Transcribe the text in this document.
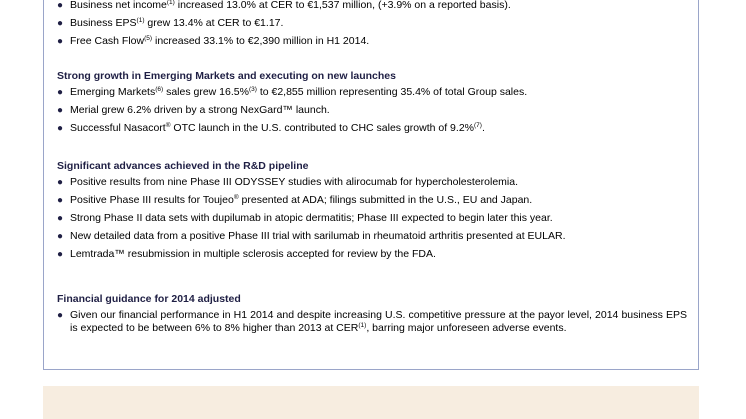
● Business net income$^{(1)}$ increased 13.0% at CER to €1,537 million, (+3.9% on a reported basis).
● Business EPS$^{(1)}$ grew 13.4% at CER to €1.17.
● Free Cash Flow$^{(5)}$ increased 33.1% to €2,390 million in H1 2014.

Strong growth in Emerging Markets and executing on new launches

● Emerging Markets$^{(6)}$ sales grew 16.5%$^{(3)}$ to €2,855 million representing 35.4% of total Group sales.
● Merial grew 6.2% driven by a strong NexGard™ launch.
● Successful Nasacort® OTC launch in the U.S. contributed to CHC sales growth of 9.2%$^{(7)}$.

Significant advances achieved in the R&D pipeline

● Positive results from nine Phase III ODYSSEY studies with alirocumab for hypercholesterolemia.
● Positive Phase III results for Toujeo® presented at ADA; filings submitted in the U.S., EU and Japan.
● Strong Phase II data sets with dupilumab in atopic dermatitis; Phase III expected to begin later this year.
● New detailed data from a positive Phase III trial with sarilumab in rheumatoid arthritis presented at EULAR.
● Lemtrada™ resubmission in multiple sclerosis accepted for review by the FDA.

Financial guidance for 2014 adjusted

● Given our financial performance in H1 2014 and despite increasing U.S. competitive pressure at the payor level, 2014 business EPS is expected to be between 6% to 8% higher than 2013 at CER$^{(1)}$, barring major unforeseen adverse events.
